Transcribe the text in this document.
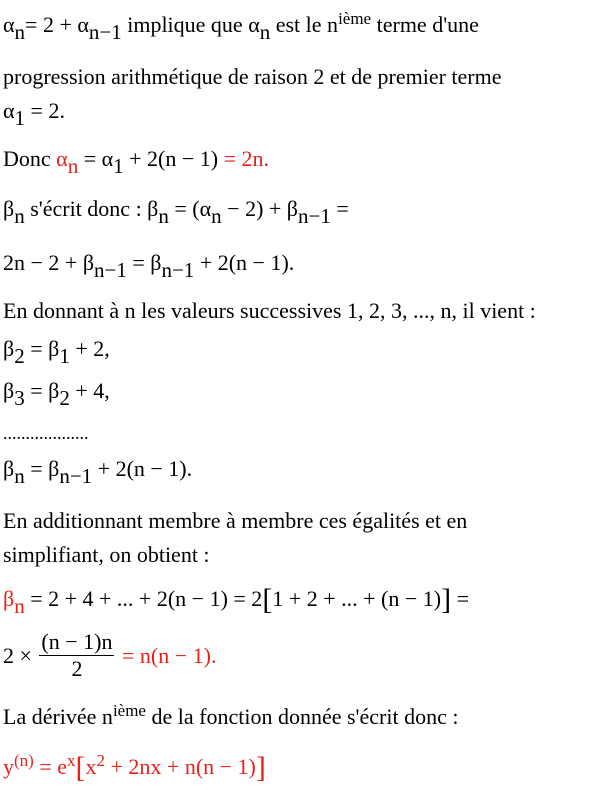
αn= 2 + αn−1 implique que αn est le $n^{ième}$ terme d'une
progression arithmétique de raison 2 et de premier terme
α1 = 2.
Donc αn = α1 + 2(n − 1) = 2n.
βn s'écrit donc : βn = (αn − 2) + βn−1 =
2n − 2 + βn−1 = βn−1 + 2(n − 1).
En donnant à n les valeurs successives 1, 2, 3, ..., n, il vient :
β2 = β1 + 2,
β3 = β2 + 4,
...................
βn = βn−1 + 2(n − 1).
En additionnant membre à membre ces égalités et en
simplifiant, on obtient :
βn = 2 + 4 + ... + 2(n − 1) = 2[1 + 2 + ... + (n − 1)] =
$2 \times \frac{(n - 1)n}{2} = n(n - 1)$.
La dérivée $n^{ième}$ de la fonction donnée s'écrit donc :
$y^{(n)} = e^x[x^2 + 2nx + n(n - 1)]$
